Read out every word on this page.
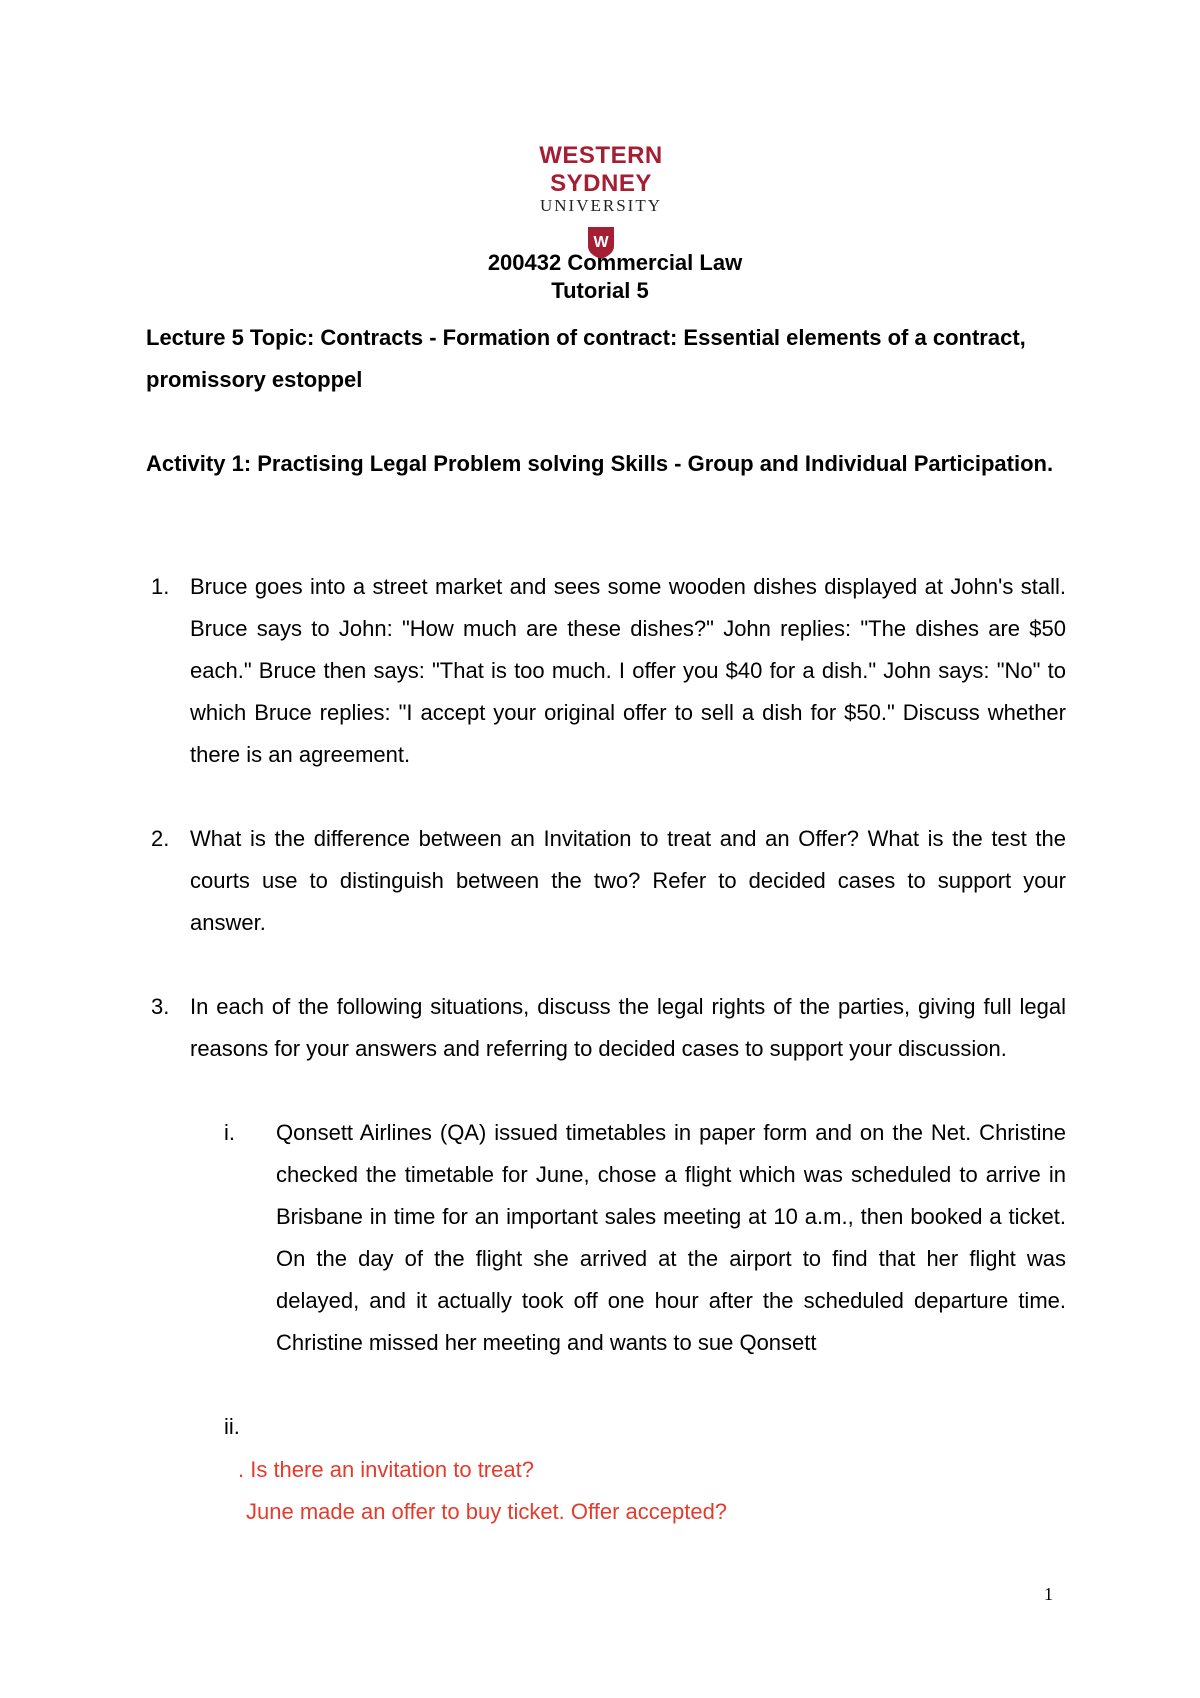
WESTERN SYDNEY
UNIVERSITY
W
200432 Commercial Law
Tutorial 5
Lecture 5 Topic: Contracts - Formation of contract: Essential elements of a contract, promissory estoppel
Activity 1: Practising Legal Problem solving Skills - Group and Individual Participation.
1. Bruce goes into a street market and sees some wooden dishes displayed at John's stall. Bruce says to John: "How much are these dishes?" John replies: "The dishes are $50 each." Bruce then says: "That is too much. I offer you $40 for a dish." John says: "No" to which Bruce replies: "I accept your original offer to sell a dish for $50." Discuss whether there is an agreement.
2. What is the difference between an Invitation to treat and an Offer? What is the test the courts use to distinguish between the two? Refer to decided cases to support your answer.
3. In each of the following situations, discuss the legal rights of the parties, giving full legal reasons for your answers and referring to decided cases to support your discussion.
i. Qonsett Airlines (QA) issued timetables in paper form and on the Net. Christine checked the timetable for June, chose a flight which was scheduled to arrive in Brisbane in time for an important sales meeting at 10 a.m., then booked a ticket. On the day of the flight she arrived at the airport to find that her flight was delayed, and it actually took off one hour after the scheduled departure time. Christine missed her meeting and wants to sue Qonsett
ii.
. Is there an invitation to treat?
June made an offer to buy ticket. Offer accepted?
1
